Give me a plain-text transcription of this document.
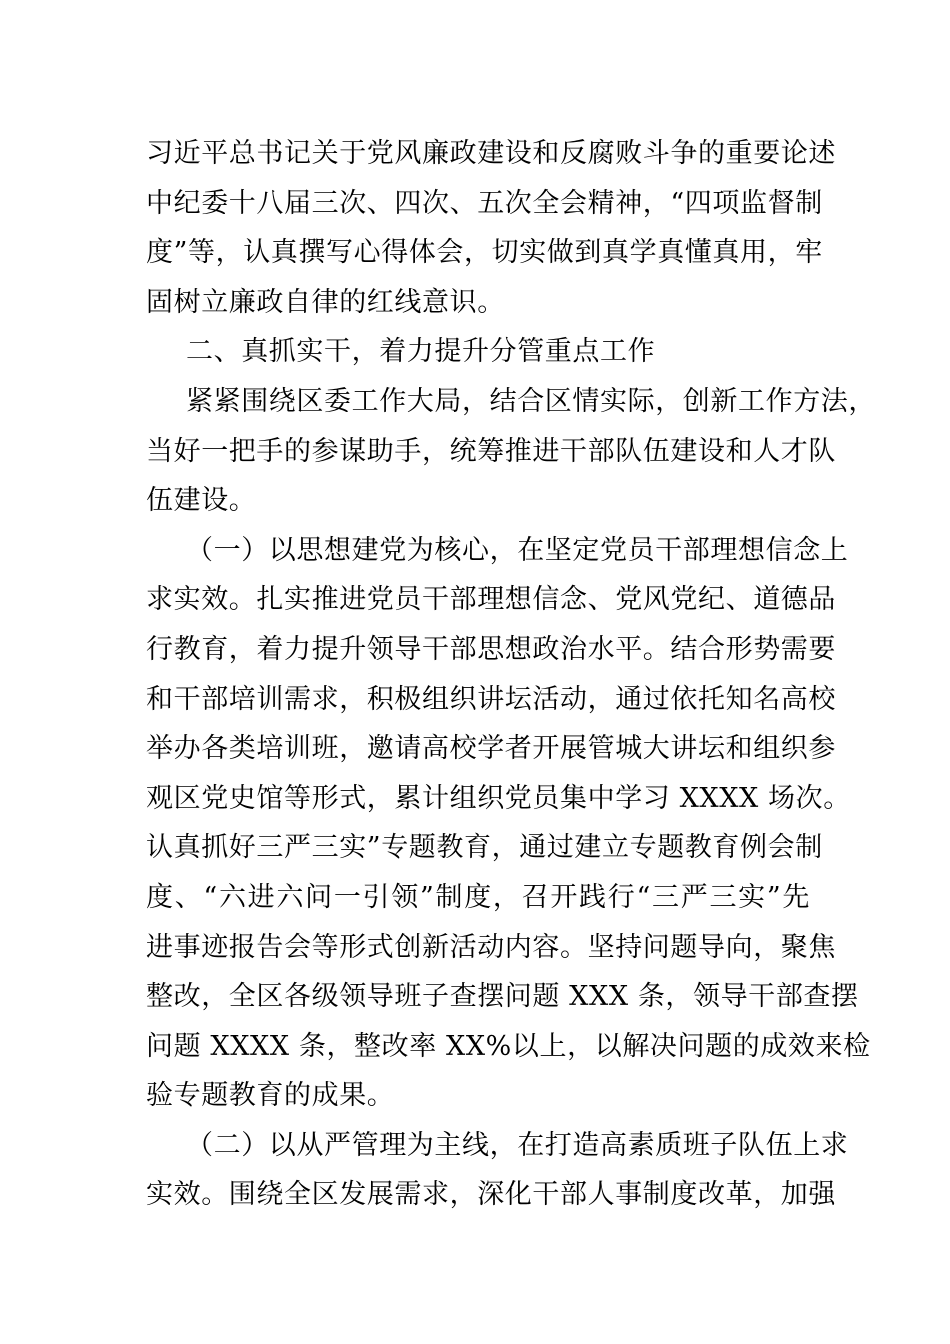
习近平总书记关于党风廉政建设和反腐败斗争的重要论述
中纪委十八届三次、四次、五次全会精神，“四项监督制
度”等，认真撰写心得体会，切实做到真学真懂真用，牢
固树立廉政自律的红线意识。
二、真抓实干，着力提升分管重点工作
紧紧围绕区委工作大局，结合区情实际，创新工作方法，
当好一把手的参谋助手，统筹推进干部队伍建设和人才队
伍建设。
（一）以思想建党为核心，在坚定党员干部理想信念上
求实效。扎实推进党员干部理想信念、党风党纪、道德品
行教育，着力提升领导干部思想政治水平。结合形势需要
和干部培训需求，积极组织讲坛活动，通过依托知名高校
举办各类培训班，邀请高校学者开展管城大讲坛和组织参
观区党史馆等形式，累计组织党员集中学习 XXXX 场次。
认真抓好三严三实”专题教育，通过建立专题教育例会制
度、“六进六问一引领”制度，召开践行“三严三实”先
进事迹报告会等形式创新活动内容。坚持问题导向，聚焦
整改，全区各级领导班子查摆问题 XXX 条，领导干部查摆
问题 XXXX 条，整改率 XX%以上，以解决问题的成效来检
验专题教育的成果。
（二）以从严管理为主线，在打造高素质班子队伍上求
实效。围绕全区发展需求，深化干部人事制度改革，加强
